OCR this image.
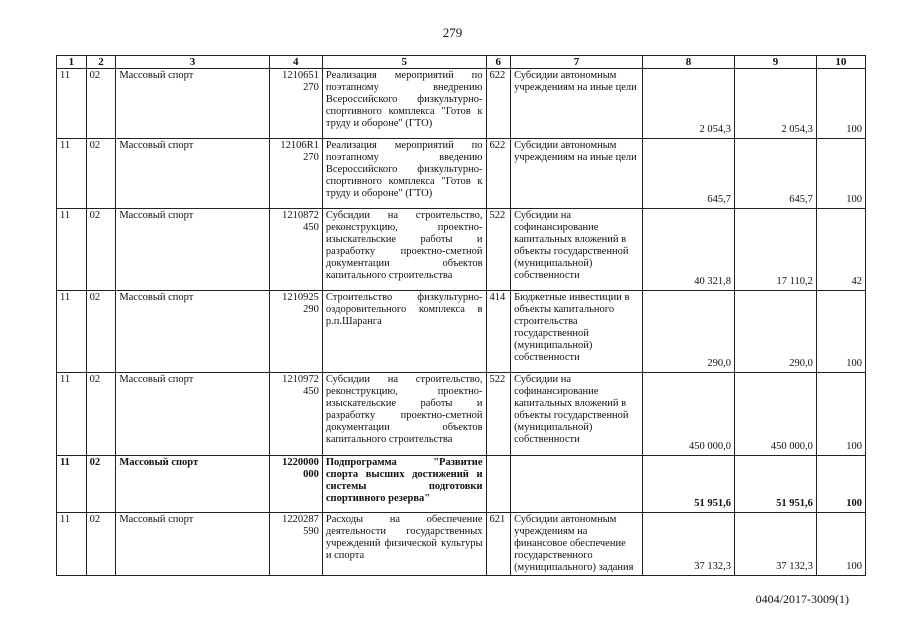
279
1	2	3	4	5	6	7	8	9	10
11	02	Массовый спорт	1210651 270	Реализация мероприятий по поэтапному внедрению Всероссийского физкультурно-спортивного комплекса "Готов к труду и обороне" (ГТО)	622	Субсидии автономным учреждениям на иные цели	2 054,3	2 054,3	100
11	02	Массовый спорт	12106R1 270	Реализация мероприятий по поэтапному введению Всероссийского физкультурно-спортивного комплекса "Готов к труду и обороне" (ГТО)	622	Субсидии автономным учреждениям на иные цели	645,7	645,7	100
11	02	Массовый спорт	1210872 450	Субсидии на строительство, реконструкцию, проектно-изыскательские работы и разработку проектно-сметной документации объектов капитального строительства	522	Субсидии на софинансирование капитальных вложений в объекты государственной (муниципальной) собственности	40 321,8	17 110,2	42
11	02	Массовый спорт	1210925 290	Строительство физкультурно-оздоровительного комплекса в р.п.Шаранга	414	Бюджетные инвестиции в объекты капитального строительства государственной (муниципальной) собственности	290,0	290,0	100
11	02	Массовый спорт	1210972 450	Субсидии на строительство, реконструкцию, проектно-изыскательские работы и разработку проектно-сметной документации объектов капитального строительства	522	Субсидии на софинансирование капитальных вложений в объекты государственной (муниципальной) собственности	450 000,0	450 000,0	100
11	02	Массовый спорт	1220000 000	Подпрограмма "Развитие спорта высших достижений и системы подготовки спортивного резерва"			51 951,6	51 951,6	100
11	02	Массовый спорт	1220287 590	Расходы на обеспечение деятельности государственных учреждений физической культуры и спорта	621	Субсидии автономным учреждениям на финансовое обеспечение государственного (муниципального) задания	37 132,3	37 132,3	100
0404/2017-3009(1)
